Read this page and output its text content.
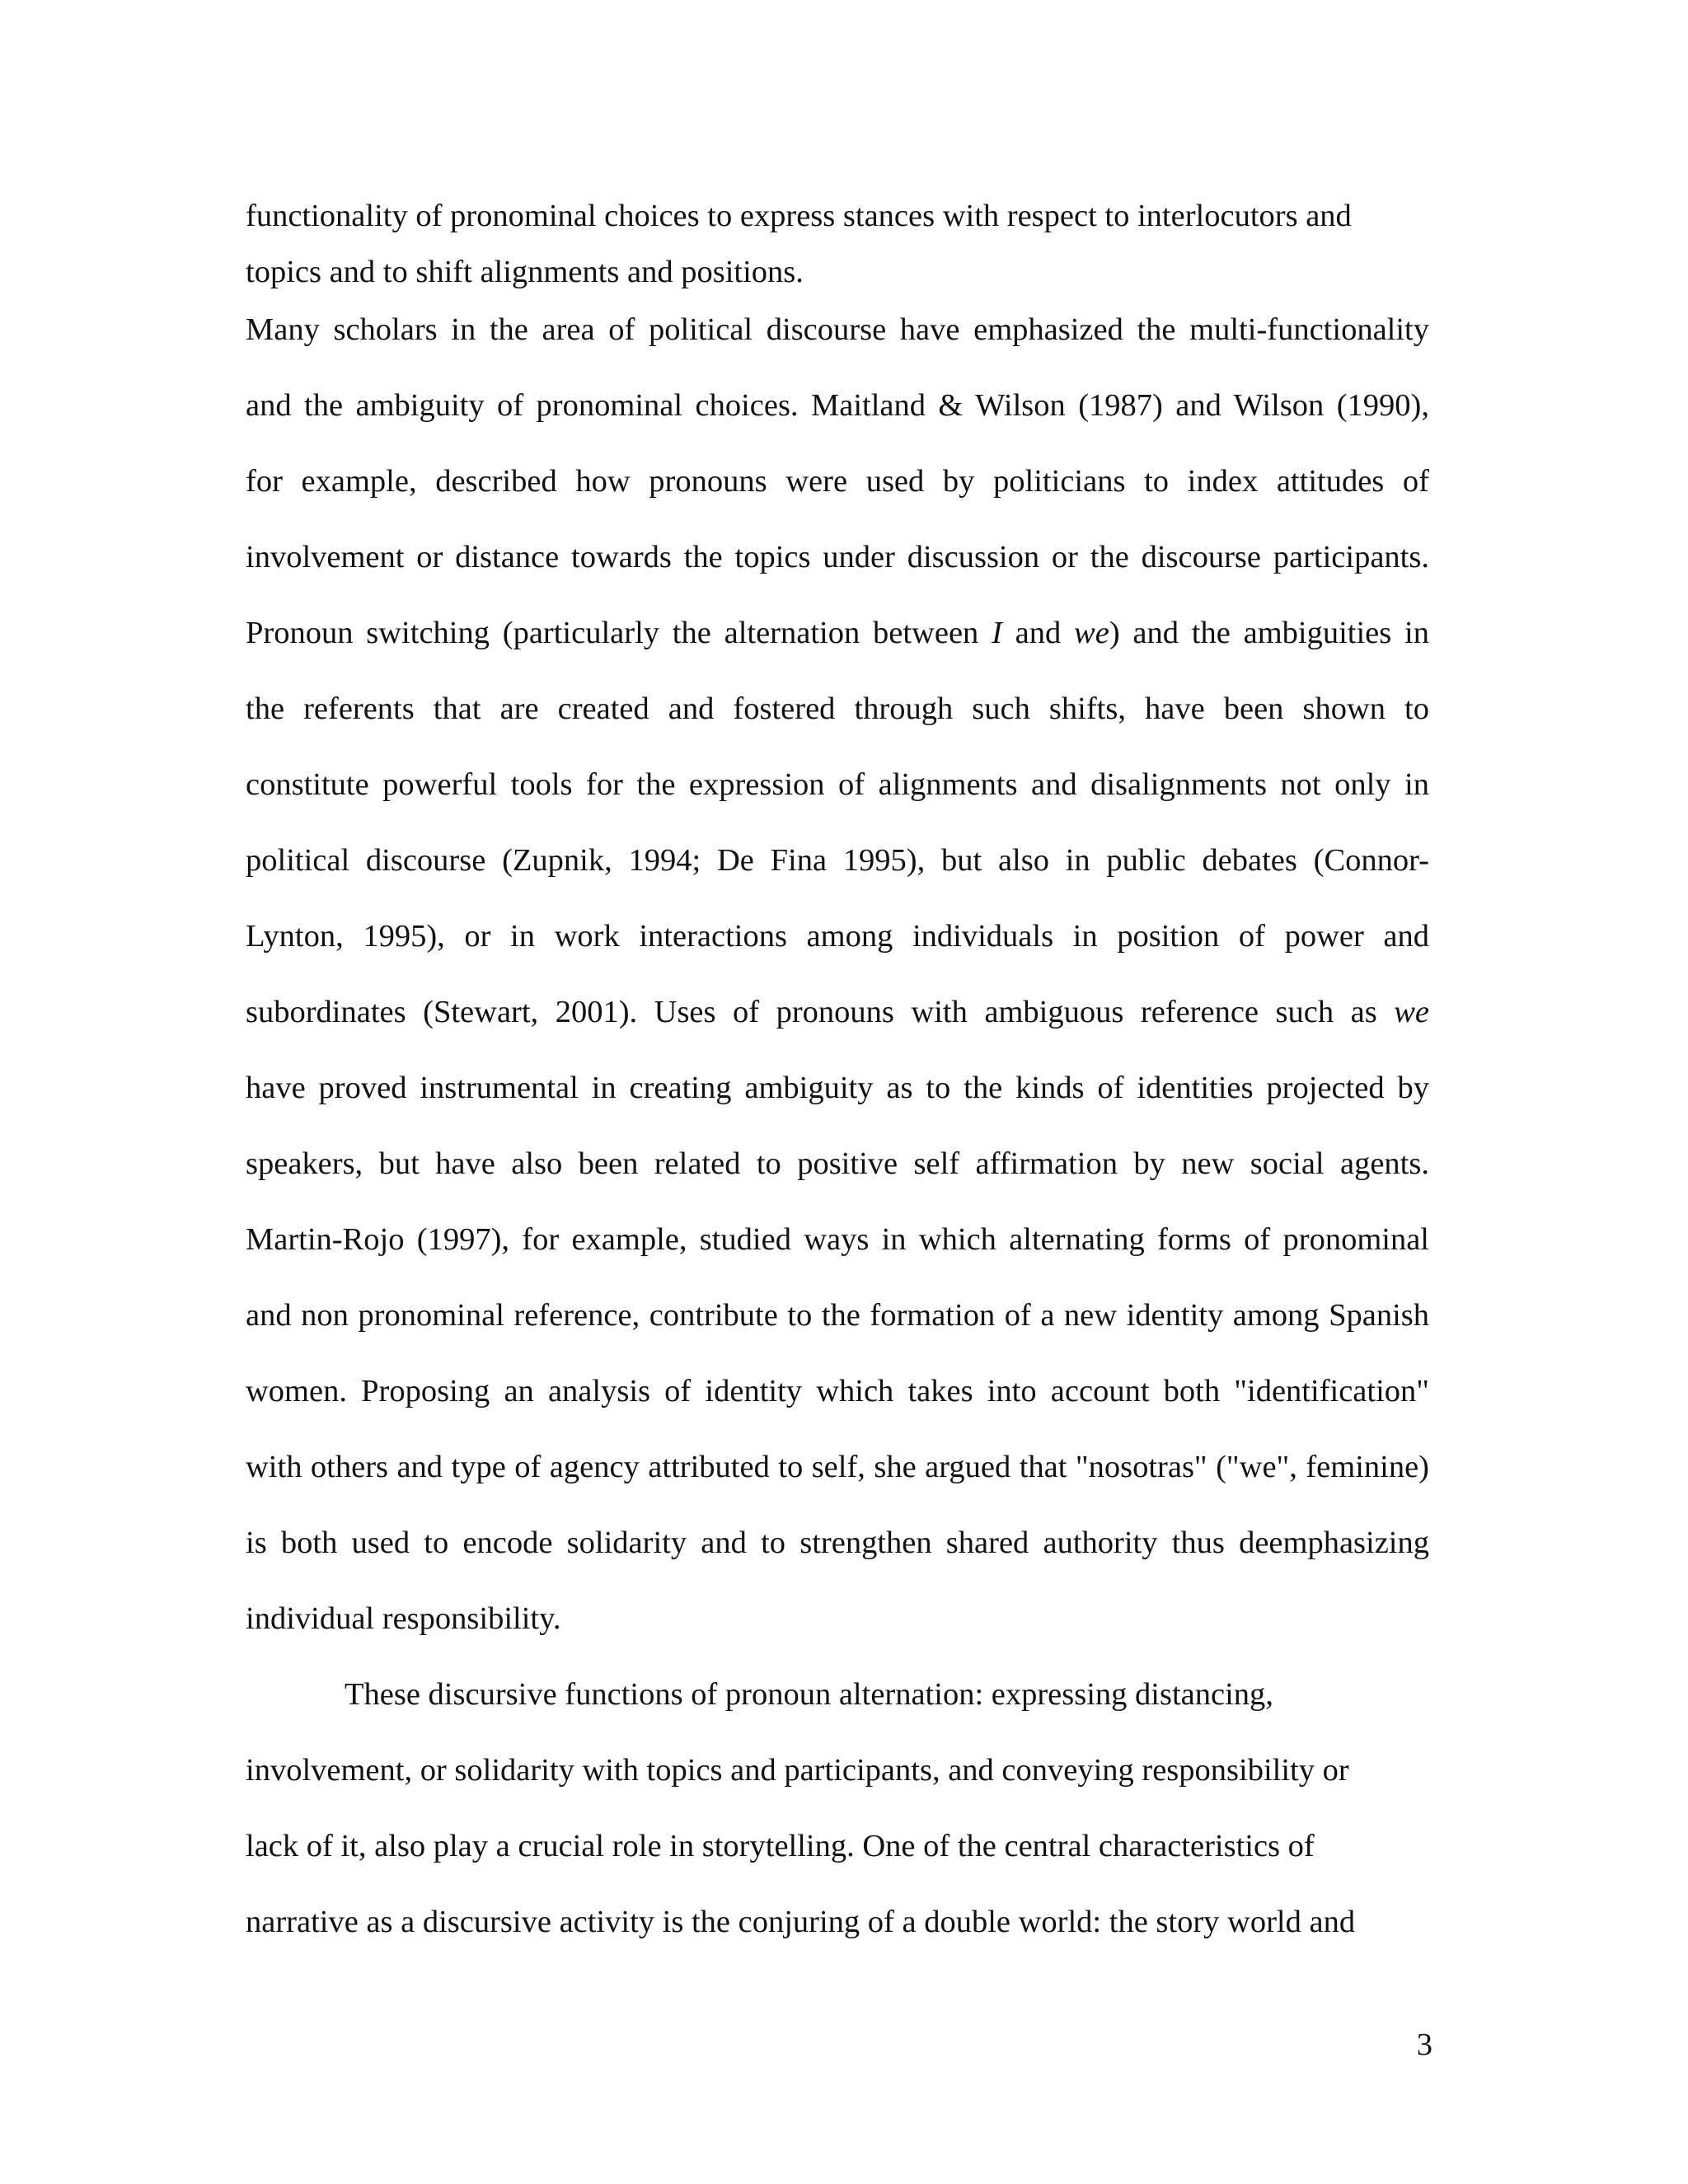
functionality of pronominal choices to express stances with respect to interlocutors and

topics and to shift alignments and positions.

Many scholars in the area of political discourse have emphasized the multi-functionality

and the ambiguity of pronominal choices. Maitland & Wilson (1987) and Wilson (1990),

for example, described how pronouns were used by politicians to index attitudes of

involvement or distance towards the topics under discussion or the discourse participants.

Pronoun switching (particularly the alternation between I and we) and the ambiguities in

the referents that are created and fostered through such shifts, have been shown to

constitute powerful tools for the expression of alignments and disalignments not only in

political discourse (Zupnik, 1994; De Fina 1995), but also in public debates (Connor-

Lynton, 1995), or in work interactions among individuals in position of power and

subordinates (Stewart, 2001). Uses of pronouns with ambiguous reference such as we

have proved instrumental in creating ambiguity as to the kinds of identities projected by

speakers, but have also been related to positive self affirmation by new social agents.

Martin-Rojo (1997), for example, studied ways in which alternating forms of pronominal

and non pronominal reference, contribute to the formation of a new identity among Spanish

women. Proposing an analysis of identity which takes into account both "identification"

with others and type of agency attributed to self, she argued that "nosotras" ("we", feminine)

is both used to encode solidarity and to strengthen shared authority thus deemphasizing

individual responsibility.

These discursive functions of pronoun alternation: expressing distancing,

involvement, or solidarity with topics and participants, and conveying responsibility or

lack of it, also play a crucial role in storytelling. One of the central characteristics of

narrative as a discursive activity is the conjuring of a double world: the story world and

3
